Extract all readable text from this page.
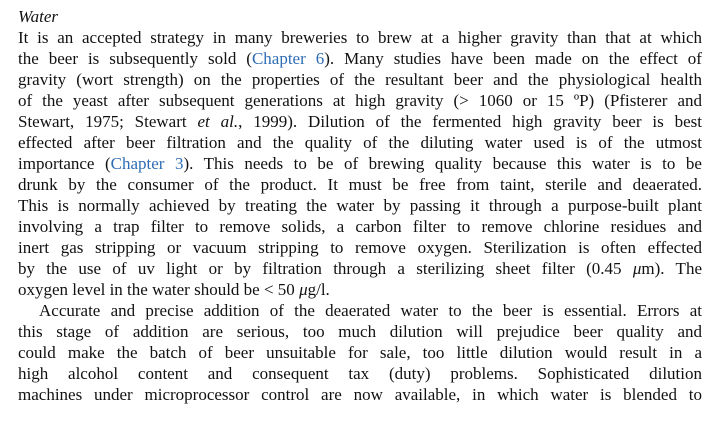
Water
It is an accepted strategy in many breweries to brew at a higher gravity than that at which
the beer is subsequently sold (Chapter 6). Many studies have been made on the effect of
gravity (wort strength) on the properties of the resultant beer and the physiological health
of the yeast after subsequent generations at high gravity (> 1060 or 15 ºP) (Pfisterer and
Stewart, 1975; Stewart et al., 1999). Dilution of the fermented high gravity beer is best
effected after beer filtration and the quality of the diluting water used is of the utmost
importance (Chapter 3). This needs to be of brewing quality because this water is to be
drunk by the consumer of the product. It must be free from taint, sterile and deaerated.
This is normally achieved by treating the water by passing it through a purpose-built plant
involving a trap filter to remove solids, a carbon filter to remove chlorine residues and
inert gas stripping or vacuum stripping to remove oxygen. Sterilization is often effected
by the use of uv light or by filtration through a sterilizing sheet filter (0.45 μm). The
oxygen level in the water should be < 50 μg/l.
Accurate and precise addition of the deaerated water to the beer is essential. Errors at
this stage of addition are serious, too much dilution will prejudice beer quality and
could make the batch of beer unsuitable for sale, too little dilution would result in a
high alcohol content and consequent tax (duty) problems. Sophisticated dilution
machines under microprocessor control are now available, in which water is blended to
